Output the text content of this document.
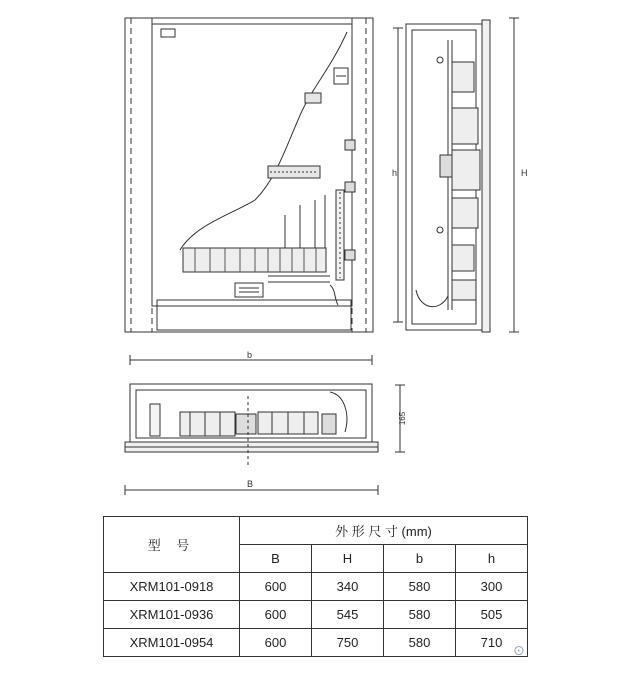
h	H
b
B
165
型 号	外 形 尺 寸 (mm)			
	B	H	b	h
XRM101-0918	600	340	580	300
XRM101-0936	600	545	580	505
XRM101-0954	600	750	580	710
⊙
